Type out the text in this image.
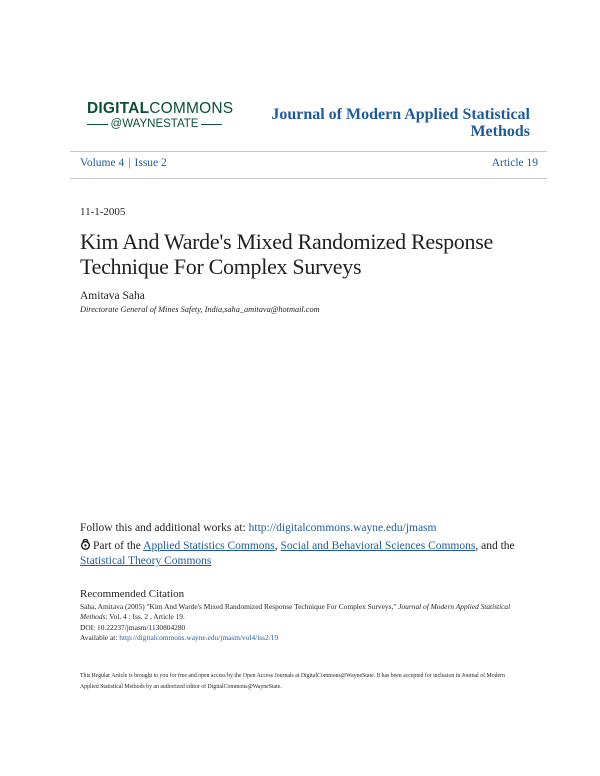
DIGITALCOMMONS
@WAYNESTATE
Journal of Modern Applied Statistical Methods
Volume 4 | Issue 2	Article 19
11-1-2005
Kim And Warde's Mixed Randomized Response Technique For Complex Surveys
Amitava Saha
Directorate General of Mines Safety, India,saha_amitava@hotmail.com
Follow this and additional works at: http://digitalcommons.wayne.edu/jmasm
Part of the Applied Statistics Commons, Social and Behavioral Sciences Commons, and the Statistical Theory Commons
Recommended Citation
Saha, Amitava (2005) "Kim And Warde's Mixed Randomized Response Technique For Complex Surveys," Journal of Modern Applied Statistical Methods: Vol. 4 : Iss. 2 , Article 19.
DOI: 10.22237/jmasm/1130804280
Available at: http://digitalcommons.wayne.edu/jmasm/vol4/iss2/19
This Regular Article is brought to you for free and open access by the Open Access Journals at DigitalCommons@WayneState. It has been accepted for inclusion in Journal of Modern Applied Statistical Methods by an authorized editor of DigitalCommons@WayneState.
